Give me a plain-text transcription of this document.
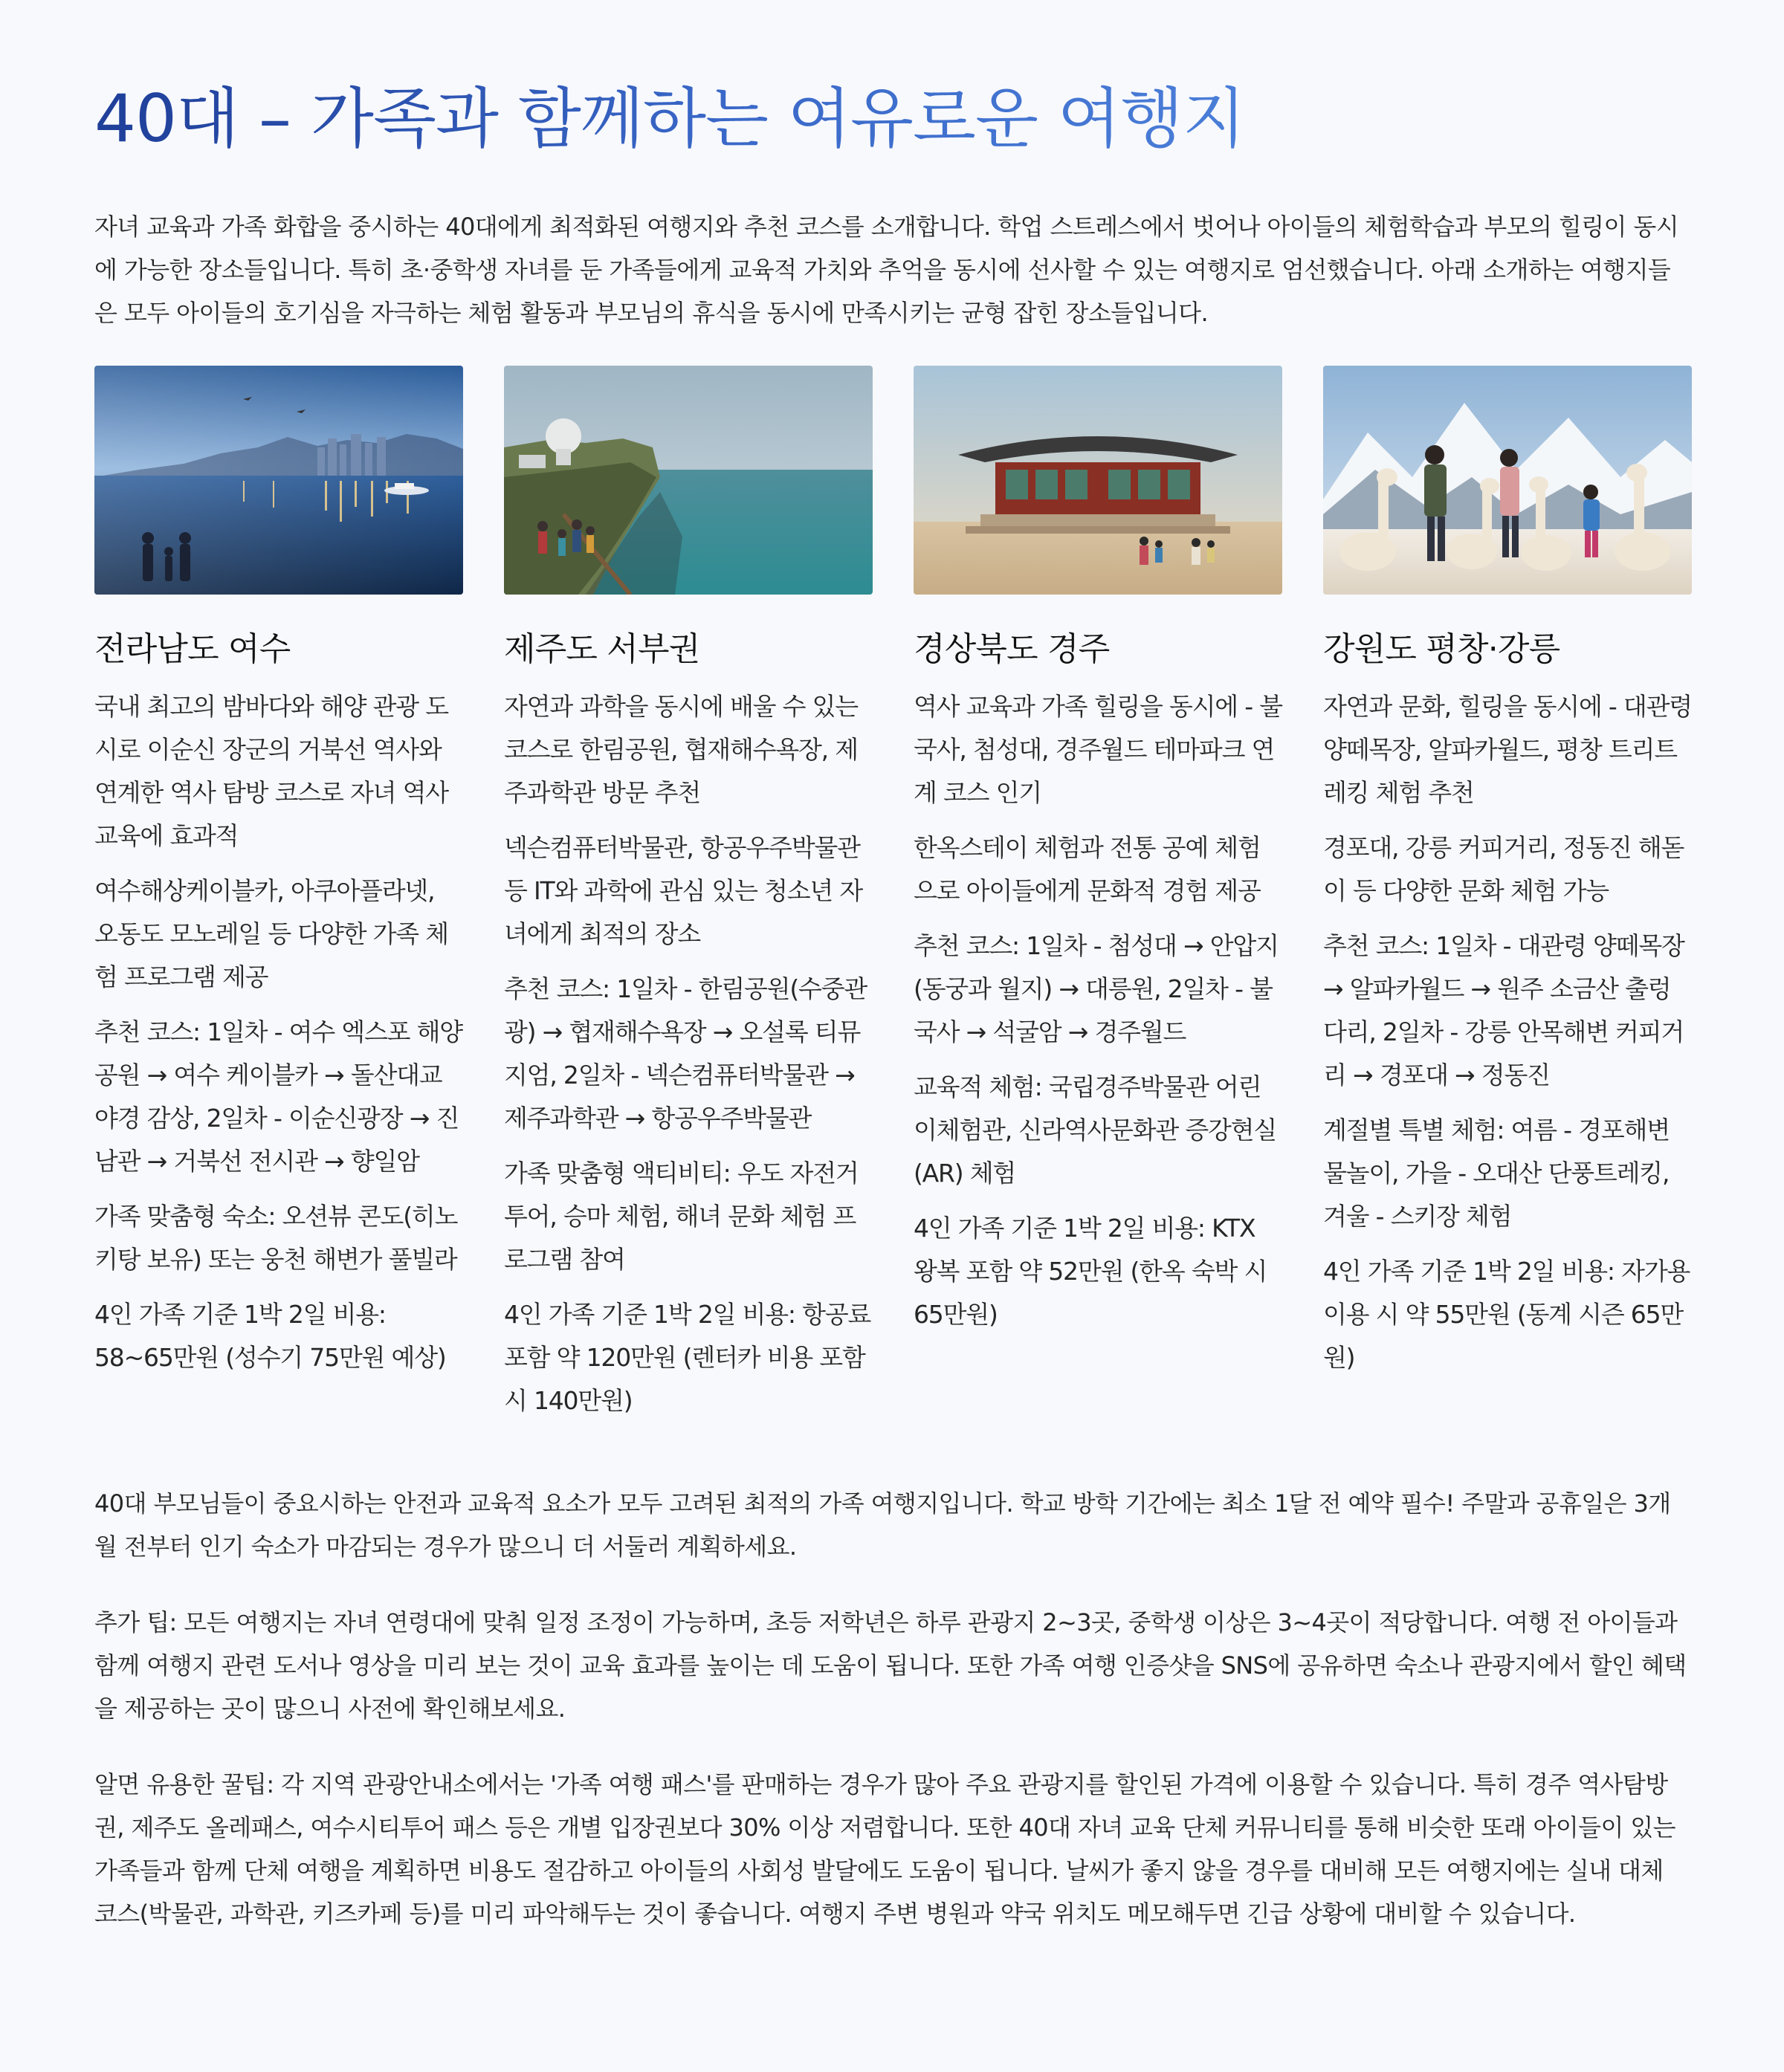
40대 – 가족과 함께하는 여유로운 여행지

자녀 교육과 가족 화합을 중시하는 40대에게 최적화된 여행지와 추천 코스를 소개합니다. 학업 스트레스에서 벗어나 아이들의 체험학습과 부모의 힐링이 동시에 가능한 장소들입니다. 특히 초·중학생 자녀를 둔 가족들에게 교육적 가치와 추억을 동시에 선사할 수 있는 여행지로 엄선했습니다. 아래 소개하는 여행지들은 모두 아이들의 호기심을 자극하는 체험 활동과 부모님의 휴식을 동시에 만족시키는 균형 잡힌 장소들입니다.

전라남도 여수

국내 최고의 밤바다와 해양 관광 도시로 이순신 장군의 거북선 역사와 연계한 역사 탐방 코스로 자녀 역사 교육에 효과적

여수해상케이블카, 아쿠아플라넷, 오동도 모노레일 등 다양한 가족 체험 프로그램 제공

추천 코스: 1일차 - 여수 엑스포 해양공원 → 여수 케이블카 → 돌산대교 야경 감상, 2일차 - 이순신광장 → 진남관 → 거북선 전시관 → 향일암

가족 맞춤형 숙소: 오션뷰 콘도(히노키탕 보유) 또는 웅천 해변가 풀빌라

4인 가족 기준 1박 2일 비용: 58~65만원 (성수기 75만원 예상)

제주도 서부권

자연과 과학을 동시에 배울 수 있는 코스로 한림공원, 협재해수욕장, 제주과학관 방문 추천

넥슨컴퓨터박물관, 항공우주박물관 등 IT와 과학에 관심 있는 청소년 자녀에게 최적의 장소

추천 코스: 1일차 - 한림공원(수중관광) → 협재해수욕장 → 오설록 티뮤지엄, 2일차 - 넥슨컴퓨터박물관 → 제주과학관 → 항공우주박물관

가족 맞춤형 액티비티: 우도 자전거 투어, 승마 체험, 해녀 문화 체험 프로그램 참여

4인 가족 기준 1박 2일 비용: 항공료 포함 약 120만원 (렌터카 비용 포함 시 140만원)

경상북도 경주

역사 교육과 가족 힐링을 동시에 - 불국사, 첨성대, 경주월드 테마파크 연계 코스 인기

한옥스테이 체험과 전통 공예 체험으로 아이들에게 문화적 경험 제공

추천 코스: 1일차 - 첨성대 → 안압지(동궁과 월지) → 대릉원, 2일차 - 불국사 → 석굴암 → 경주월드

교육적 체험: 국립경주박물관 어린이체험관, 신라역사문화관 증강현실(AR) 체험

4인 가족 기준 1박 2일 비용: KTX 왕복 포함 약 52만원 (한옥 숙박 시 65만원)

강원도 평창·강릉

자연과 문화, 힐링을 동시에 - 대관령 양떼목장, 알파카월드, 평창 트리트레킹 체험 추천

경포대, 강릉 커피거리, 정동진 해돋이 등 다양한 문화 체험 가능

추천 코스: 1일차 - 대관령 양떼목장 → 알파카월드 → 원주 소금산 출렁다리, 2일차 - 강릉 안목해변 커피거리 → 경포대 → 정동진

계절별 특별 체험: 여름 - 경포해변 물놀이, 가을 - 오대산 단풍트레킹, 겨울 - 스키장 체험

4인 가족 기준 1박 2일 비용: 자가용 이용 시 약 55만원 (동계 시즌 65만원)

40대 부모님들이 중요시하는 안전과 교육적 요소가 모두 고려된 최적의 가족 여행지입니다. 학교 방학 기간에는 최소 1달 전 예약 필수! 주말과 공휴일은 3개월 전부터 인기 숙소가 마감되는 경우가 많으니 더 서둘러 계획하세요.

추가 팁: 모든 여행지는 자녀 연령대에 맞춰 일정 조정이 가능하며, 초등 저학년은 하루 관광지 2~3곳, 중학생 이상은 3~4곳이 적당합니다. 여행 전 아이들과 함께 여행지 관련 도서나 영상을 미리 보는 것이 교육 효과를 높이는 데 도움이 됩니다. 또한 가족 여행 인증샷을 SNS에 공유하면 숙소나 관광지에서 할인 혜택을 제공하는 곳이 많으니 사전에 확인해보세요.

알면 유용한 꿀팁: 각 지역 관광안내소에서는 '가족 여행 패스'를 판매하는 경우가 많아 주요 관광지를 할인된 가격에 이용할 수 있습니다. 특히 경주 역사탐방권, 제주도 올레패스, 여수시티투어 패스 등은 개별 입장권보다 30% 이상 저렴합니다. 또한 40대 자녀 교육 단체 커뮤니티를 통해 비슷한 또래 아이들이 있는 가족들과 함께 단체 여행을 계획하면 비용도 절감하고 아이들의 사회성 발달에도 도움이 됩니다. 날씨가 좋지 않을 경우를 대비해 모든 여행지에는 실내 대체 코스(박물관, 과학관, 키즈카페 등)를 미리 파악해두는 것이 좋습니다. 여행지 주변 병원과 약국 위치도 메모해두면 긴급 상황에 대비할 수 있습니다.
